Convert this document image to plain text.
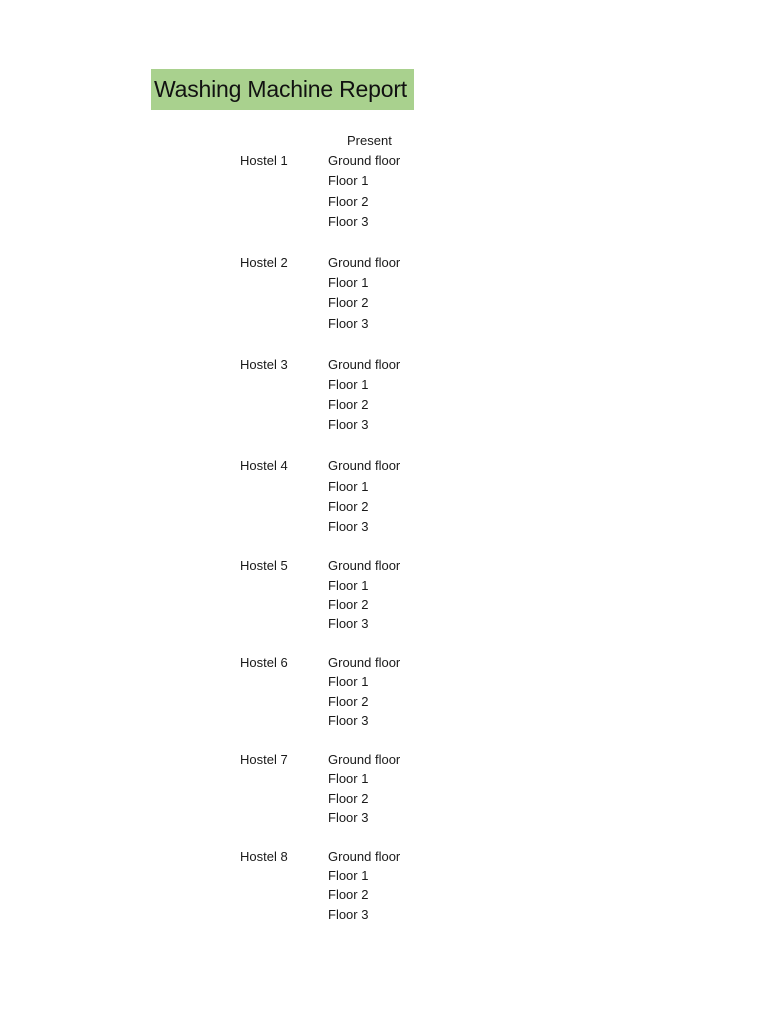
Washing Machine Report
Present
Hostel 1	Ground floor
Floor 1
Floor 2
Floor 3
Hostel 2	Ground floor
Floor 1
Floor 2
Floor 3
Hostel 3	Ground floor
Floor 1
Floor 2
Floor 3
Hostel 4	Ground floor
Floor 1
Floor 2
Floor 3
Hostel 5	Ground floor
Floor 1
Floor 2
Floor 3
Hostel 6	Ground floor
Floor 1
Floor 2
Floor 3
Hostel 7	Ground floor
Floor 1
Floor 2
Floor 3
Hostel 8	Ground floor
Floor 1
Floor 2
Floor 3
